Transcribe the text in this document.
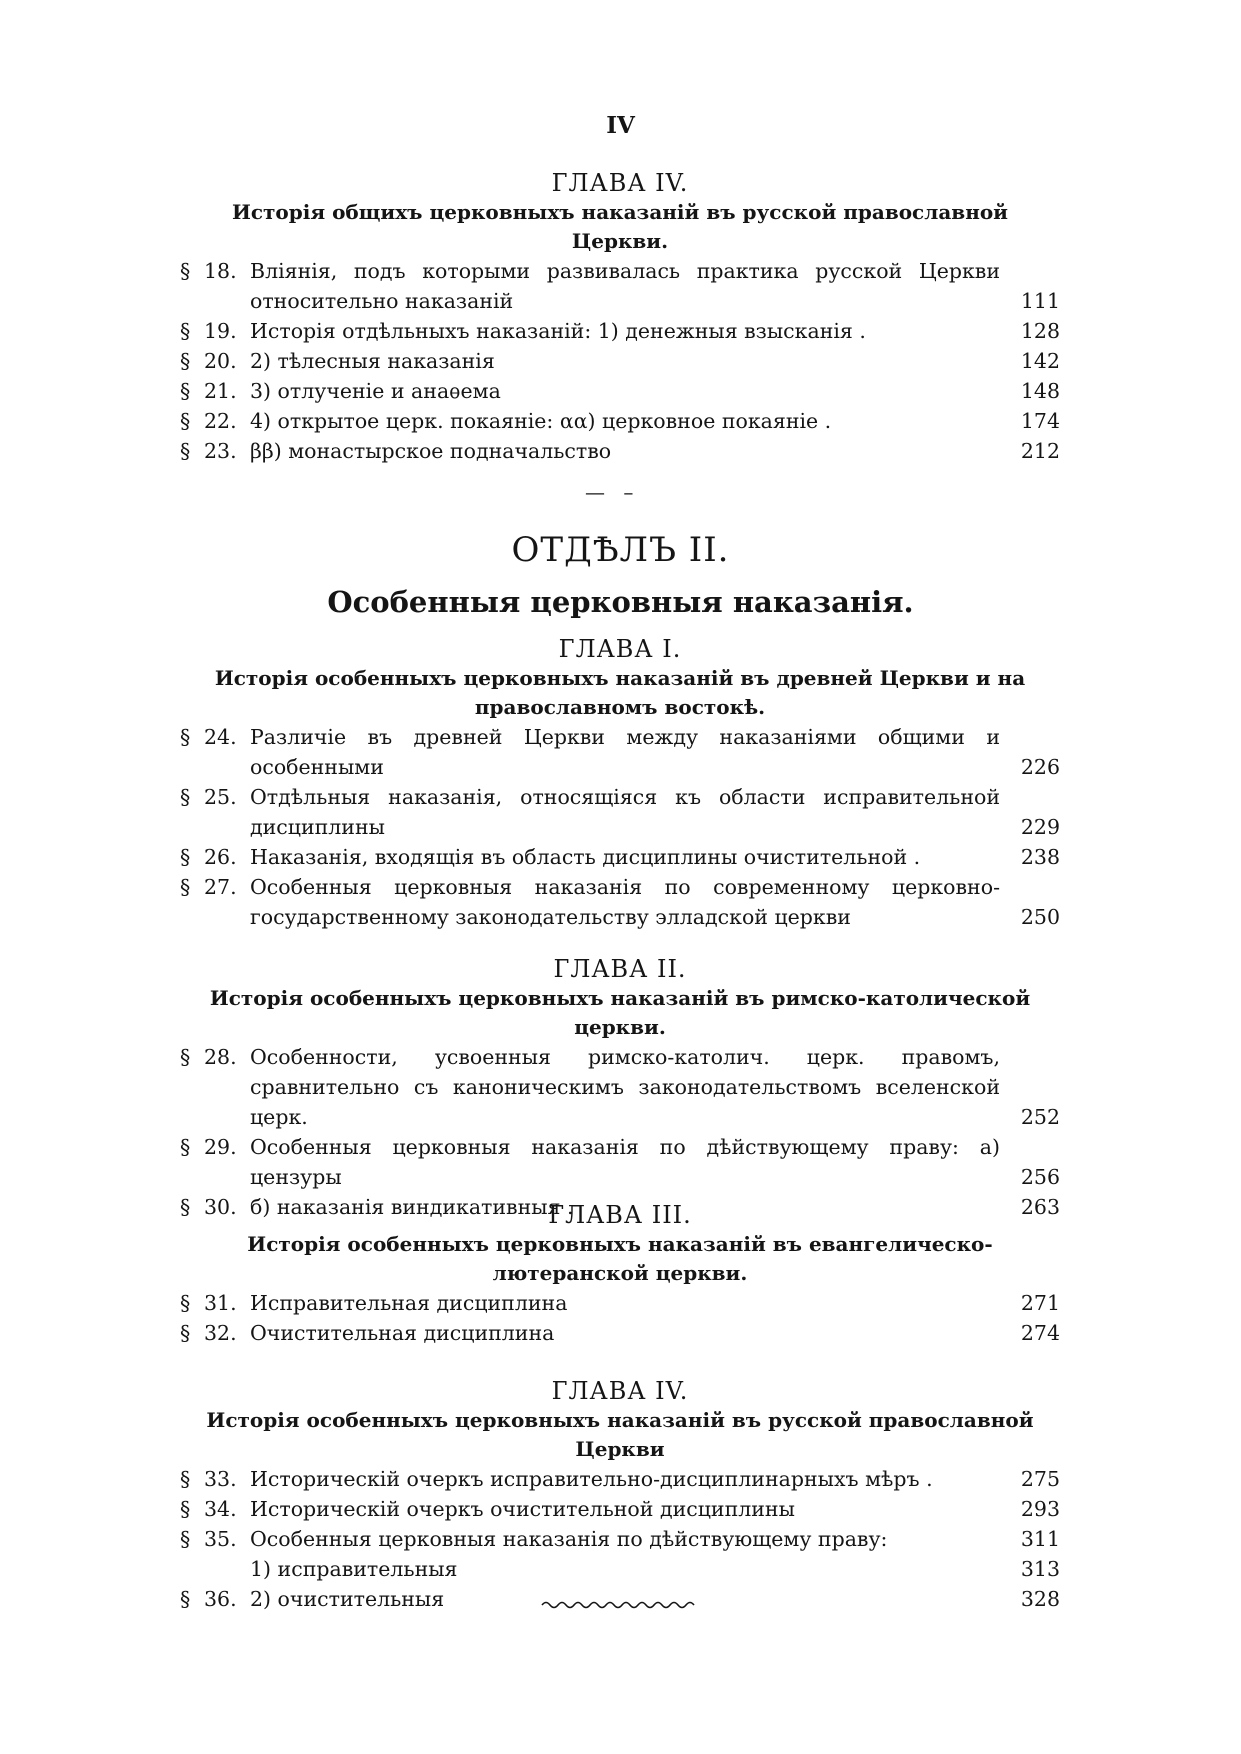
IV
ГЛАВА IV.
Исторія общихъ церковныхъ наказаній въ русской православной Церкви.
§ 18. Вліянія, подъ которыми развивалась практика русской Церкви относительно наказаній	111
§ 19. Исторія отдѣльныхъ наказаній: 1) денежныя взысканія .	128
§ 20. 2) тѣлесныя наказанія	142
§ 21. 3) отлученіе и анаѳема	148
§ 22. 4) открытое церк. покаяніе: αα) церковное покаяніе .	174
§ 23. ββ) монастырское подначальство	212
— –
ОТДѢЛЪ II.
Особенныя церковныя наказанія.
ГЛАВА I.
Исторія особенныхъ церковныхъ наказаній въ древней Церкви и на православномъ востокѣ.
§ 24. Различіе въ древней Церкви между наказаніями общими и особенными	226
§ 25. Отдѣльныя наказанія, относящіяся къ области исправительной дисциплины	229
§ 26. Наказанія, входящія въ область дисциплины очистительной .	238
§ 27. Особенныя церковныя наказанія по современному церковно-государственному законодательству элладской церкви	250
ГЛАВА II.
Исторія особенныхъ церковныхъ наказаній въ римско-католической церкви.
§ 28. Особенности, усвоенныя римско-католич. церк. правомъ, сравнительно съ каноническимъ законодательствомъ вселенской церк.	252
§ 29. Особенныя церковныя наказанія по дѣйствующему праву: а) цензуры	256
§ 30. б) наказанія виндикативныя .	263
ГЛАВА III.
Исторія особенныхъ церковныхъ наказаній въ евангелическо-лютеранской церкви.
§ 31. Исправительная дисциплина	271
§ 32. Очистительная дисциплина	274
ГЛАВА IV.
Исторія особенныхъ церковныхъ наказаній въ русской православной Церкви
§ 33. Историческій очеркъ исправительно-дисциплинарныхъ мѣръ .	275
§ 34. Историческій очеркъ очистительной дисциплины	293
§ 35. Особенныя церковныя наказанія по дѣйствующему праву:	311
1) исправительныя	313
§ 36. 2) очистительныя	328
